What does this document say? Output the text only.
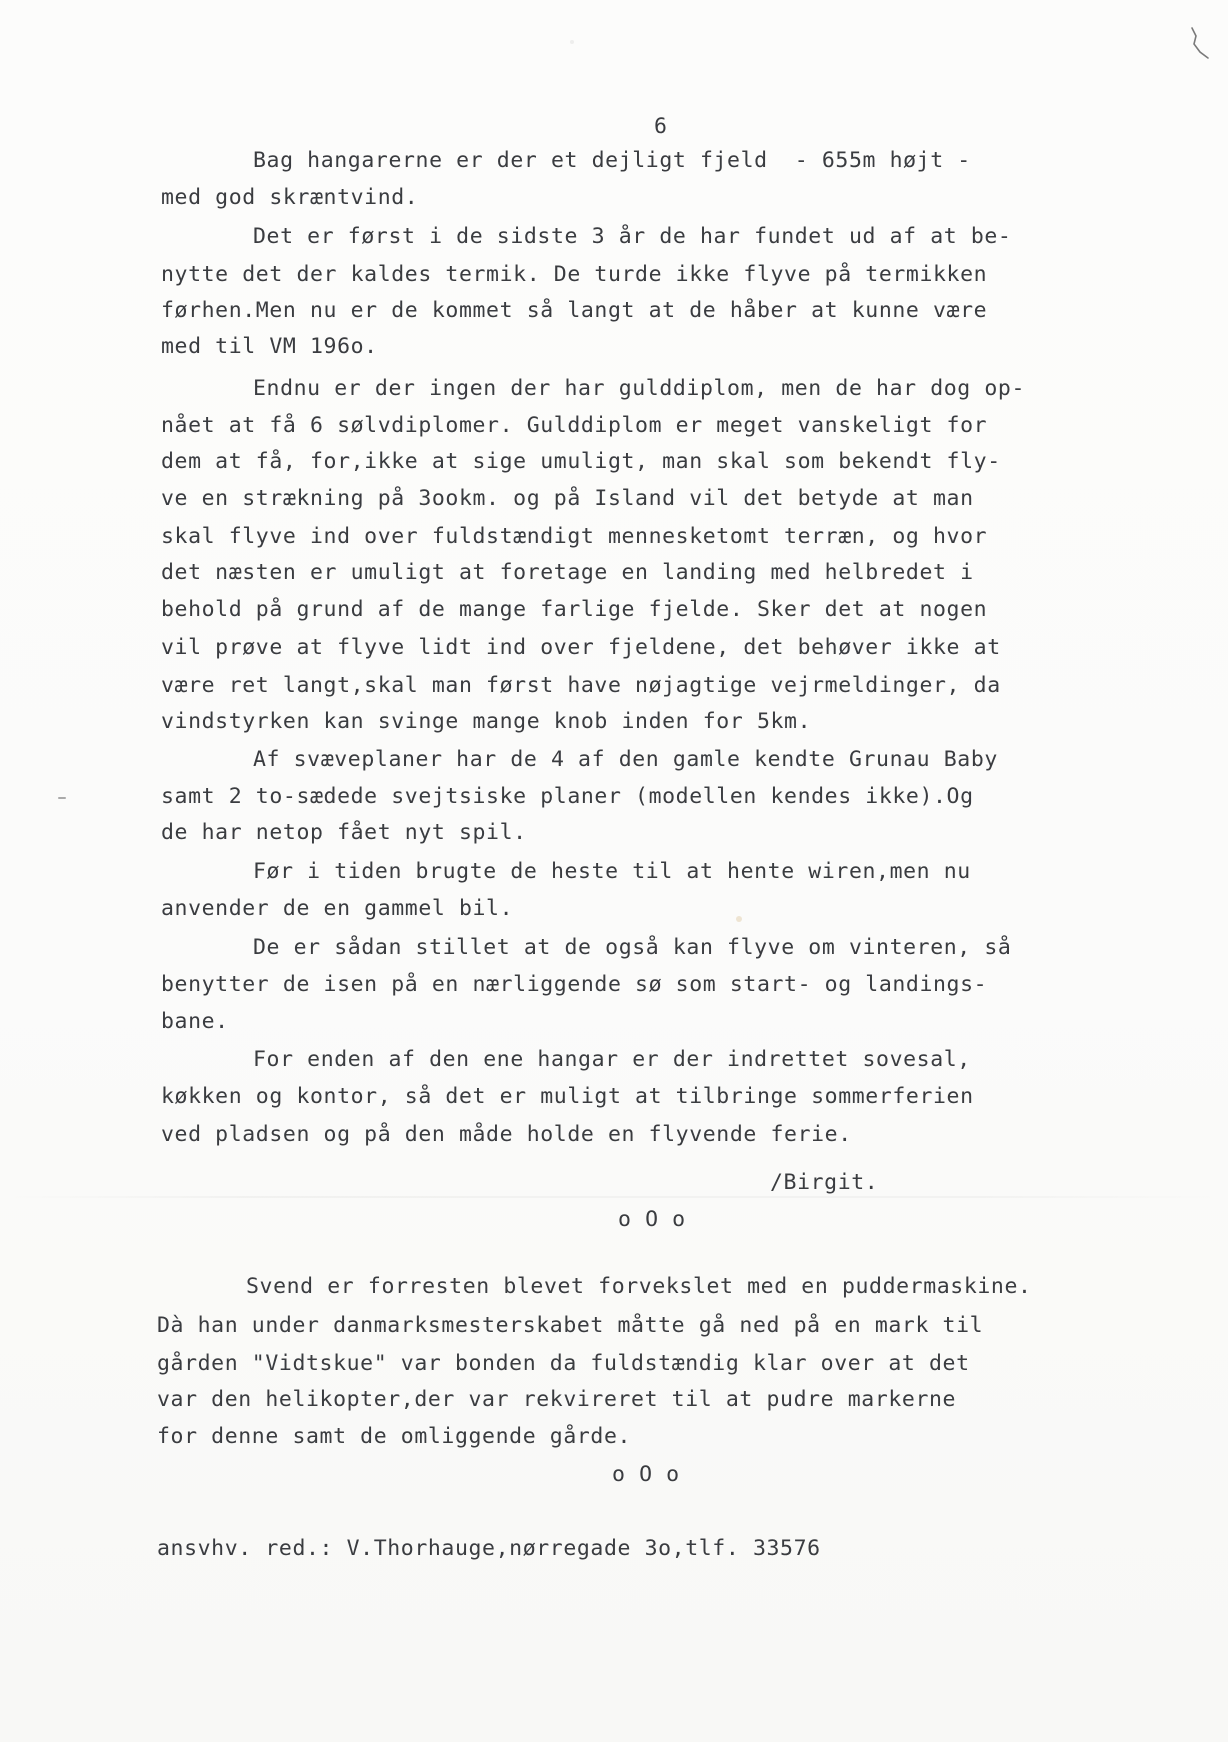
6
Bag hangarerne er der et dejligt fjeld  - 655m højt -
med god skræntvind.
Det er først i de sidste 3 år de har fundet ud af at be-
nytte det der kaldes termik. De turde ikke flyve på termikken
førhen.Men nu er de kommet så langt at de håber at kunne være
med til VM 196o.
Endnu er der ingen der har gulddiplom, men de har dog op-
nået at få 6 sølvdiplomer. Gulddiplom er meget vanskeligt for
dem at få, for,ikke at sige umuligt, man skal som bekendt fly-
ve en strækning på 3ookm. og på Island vil det betyde at man
skal flyve ind over fuldstændigt mennesketomt terræn, og hvor
det næsten er umuligt at foretage en landing med helbredet i
behold på grund af de mange farlige fjelde. Sker det at nogen
vil prøve at flyve lidt ind over fjeldene, det behøver ikke at
være ret langt,skal man først have nøjagtige vejrmeldinger, da
vindstyrken kan svinge mange knob inden for 5km.
Af svæveplaner har de 4 af den gamle kendte Grunau Baby
samt 2 to-sædede svejtsiske planer (modellen kendes ikke).Og
de har netop fået nyt spil.
Før i tiden brugte de heste til at hente wiren,men nu
anvender de en gammel bil.
De er sådan stillet at de også kan flyve om vinteren, så
benytter de isen på en nærliggende sø som start- og landings-
bane.
For enden af den ene hangar er der indrettet sovesal,
køkken og kontor, så det er muligt at tilbringe sommerferien
ved pladsen og på den måde holde en flyvende ferie.
/Birgit.
o O o
Svend er forresten blevet forvekslet med en puddermaskine.
Dà han under danmarksmesterskabet måtte gå ned på en mark til
gården "Vidtskue" var bonden da fuldstændig klar over at det
var den helikopter,der var rekvireret til at pudre markerne
for denne samt de omliggende gårde.
o O o
ansvhv. red.: V.Thorhauge,nørregade 3o,tlf. 33576
